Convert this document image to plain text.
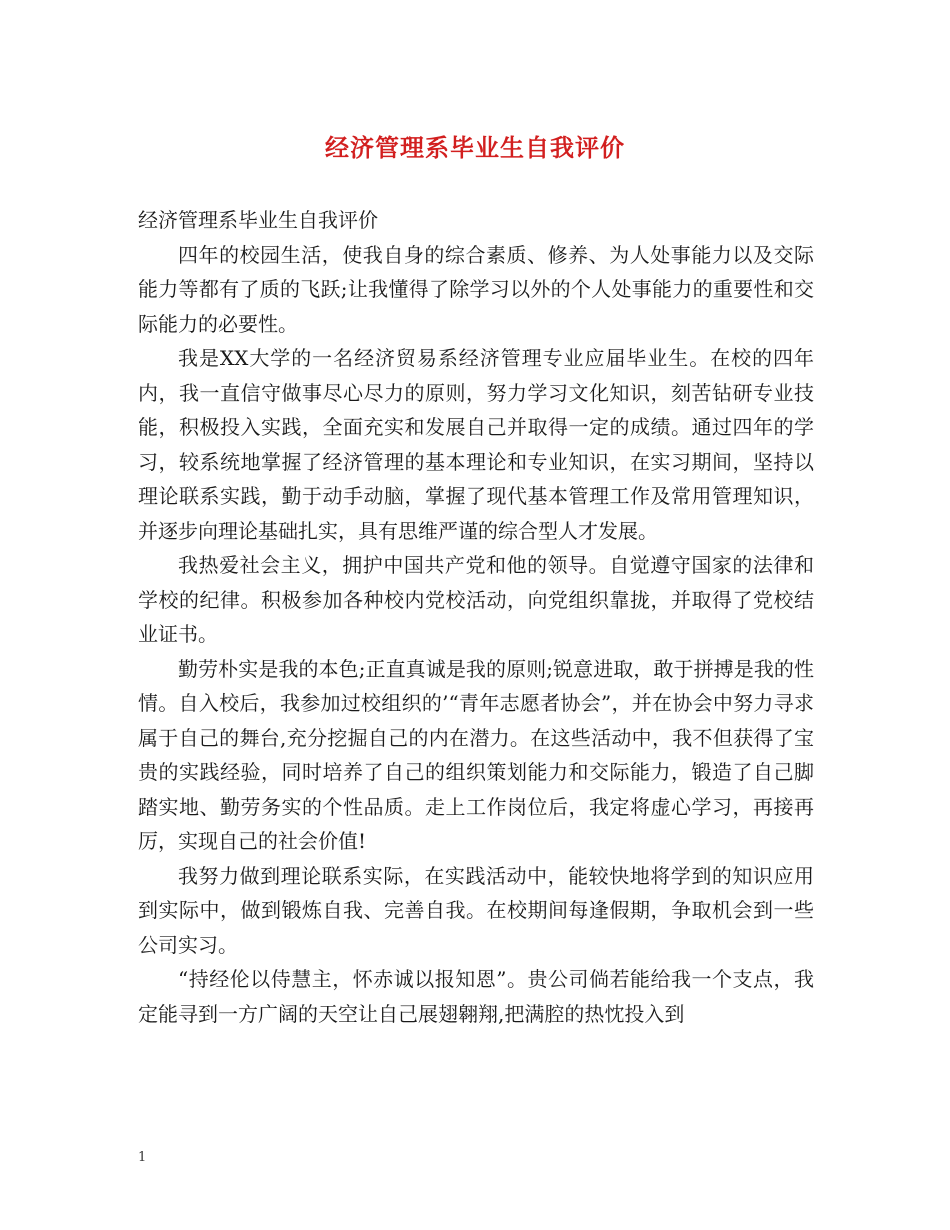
经济管理系毕业生自我评价

经济管理系毕业生自我评价

四年的校园生活，使我自身的综合素质、修养、为人处事能力以及交际能力等都有了质的飞跃;让我懂得了除学习以外的个人处事能力的重要性和交际能力的必要性。

我是XX大学的一名经济贸易系经济管理专业应届毕业生。在校的四年内，我一直信守做事尽心尽力的原则，努力学习文化知识，刻苦钻研专业技能，积极投入实践，全面充实和发展自己并取得一定的成绩。通过四年的学习，较系统地掌握了经济管理的基本理论和专业知识，在实习期间，坚持以理论联系实践，勤于动手动脑，掌握了现代基本管理工作及常用管理知识，并逐步向理论基础扎实，具有思维严谨的综合型人才发展。

我热爱社会主义，拥护中国共产党和他的领导。自觉遵守国家的法律和学校的纪律。积极参加各种校内党校活动，向党组织靠拢，并取得了党校结业证书。

勤劳朴实是我的本色;正直真诚是我的原则;锐意进取，敢于拼搏是我的性情。自入校后，我参加过校组织的’“青年志愿者协会”，并在协会中努力寻求属于自己的舞台,充分挖掘自己的内在潜力。在这些活动中，我不但获得了宝贵的实践经验，同时培养了自己的组织策划能力和交际能力，锻造了自己脚踏实地、勤劳务实的个性品质。走上工作岗位后，我定将虚心学习，再接再厉，实现自己的社会价值!

我努力做到理论联系实际，在实践活动中，能较快地将学到的知识应用到实际中，做到锻炼自我、完善自我。在校期间每逢假期，争取机会到一些公司实习。

“持经伦以侍慧主，怀赤诚以报知恩”。贵公司倘若能给我一个支点，我定能寻到一方广阔的天空让自己展翅翱翔,把满腔的热忱投入到

1
